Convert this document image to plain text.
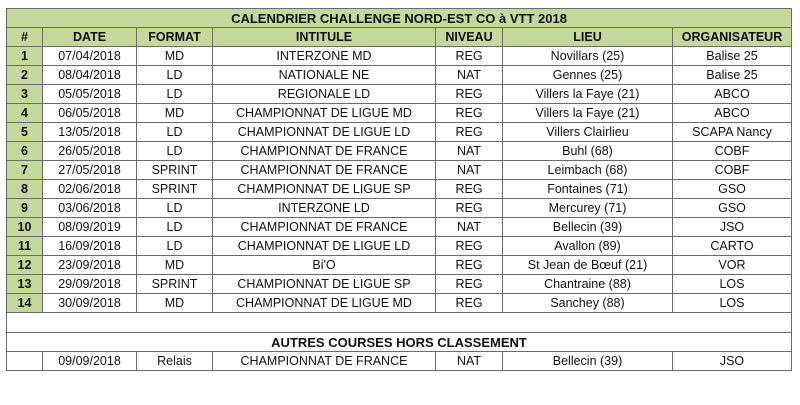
CALENDRIER CHALLENGE NORD-EST CO à VTT 2018						
#	DATE	FORMAT	INTITULE	NIVEAU	LIEU	ORGANISATEUR
1	07/04/2018	MD	INTERZONE MD	REG	Novillars (25)	Balise 25
2	08/04/2018	LD	NATIONALE NE	NAT	Gennes (25)	Balise 25
3	05/05/2018	LD	REGIONALE LD	REG	Villers la Faye (21)	ABCO
4	06/05/2018	MD	CHAMPIONNAT DE LIGUE MD	REG	Villers la Faye (21)	ABCO
5	13/05/2018	LD	CHAMPIONNAT DE LIGUE LD	REG	Villers Clairlieu	SCAPA Nancy
6	26/05/2018	LD	CHAMPIONNAT DE FRANCE	NAT	Buhl (68)	COBF
7	27/05/2018	SPRINT	CHAMPIONNAT DE FRANCE	NAT	Leimbach (68)	COBF
8	02/06/2018	SPRINT	CHAMPIONNAT DE LIGUE SP	REG	Fontaines (71)	GSO
9	03/06/2018	LD	INTERZONE LD	REG	Mercurey (71)	GSO
10	08/09/2019	LD	CHAMPIONNAT DE FRANCE	NAT	Bellecin (39)	JSO
11	16/09/2018	LD	CHAMPIONNAT DE LIGUE LD	REG	Avallon (89)	CARTO
12	23/09/2018	MD	Bi'O	REG	St Jean de Bœuf (21)	VOR
13	29/09/2018	SPRINT	CHAMPIONNAT DE LIGUE SP	REG	Chantraine (88)	LOS
14	30/09/2018	MD	CHAMPIONNAT DE LIGUE MD	REG	Sanchey (88)	LOS

AUTRES COURSES HORS CLASSEMENT						
	09/09/2018	Relais	CHAMPIONNAT DE FRANCE	NAT	Bellecin (39)	JSO
